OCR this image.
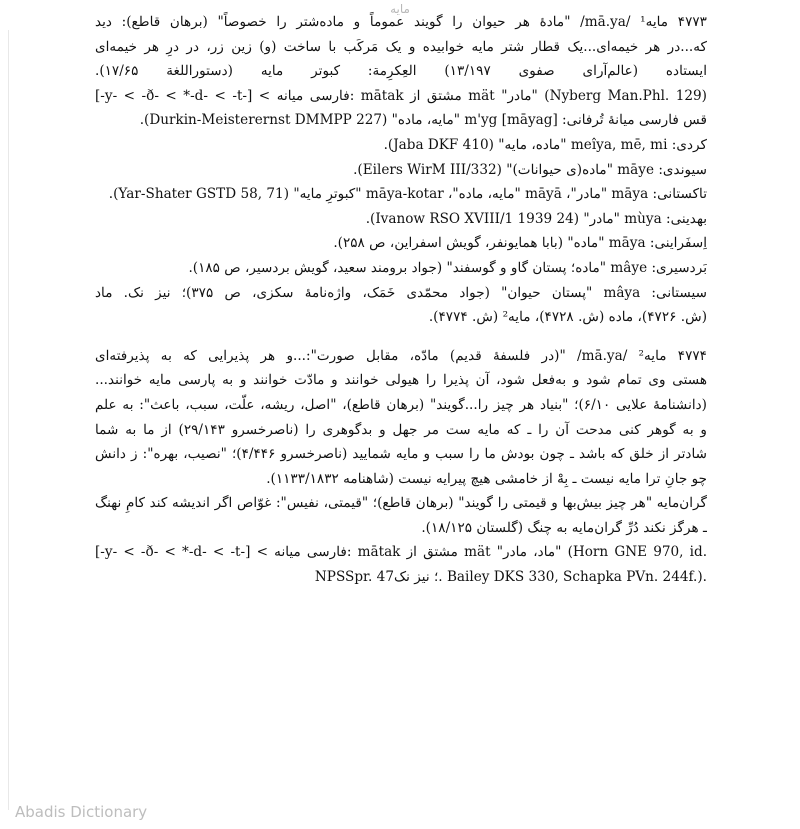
مایه
۴۷۷۳ مایه¹ /mā.ya/ "مادهٔ هر حیوان را گویند عموماً و ماده‌شتر را خصوصاً" (برهان قاطع): دید
که...در هر خیمه‌ای...یک قطار شتر مایه خوابیده و یک مَرکَب با ساخت (و) زین زر، در درِ هر خیمه‌ای
ایستاده (عالم‌آرای صفوی ۱۳/۱۹۷) العِکرِمة: کبوتر مایه (دستوراللغة ۱۷/۶۵).
[-y- < -ð- < *-d- < -t-] < فارسی میانه: mātak مشتق از mät "مادر" (Nyberg Man.Phl. 129)
قس فارسی میانهٔ تُرفانی: [māyag] m'yg "مایه، ماده" (Durkin-Meisterernst DMMPP 227).
کردی: meîya, mē, mi "ماده، مایه" (Jaba DKF 410).
سیوندی: māye "ماده(ی حیوانات)" (Eilers WirM III/332).
تاکستانی: māya "مادر"، māyā "مایه، ماده"، māya-kotar "کبوترِ مایه" (Yar-Shater GSTD 58, 71).
بهدینی: mùya "مادر" (Ivanow RSO XVIII/1 1939 24).
اِسفَراینی: māya "ماده" (بابا همایونفر، گویش اسفراین، ص ۲۵۸).
بَردسیری: mâye "ماده؛ پستان گاو و گوسفند" (جواد برومند سعید، گویش بردسیر، ص ۱۸۵).
سیستانی: mâya "پستان حیوان" (جواد محمّدی خَمَک، واژه‌نامهٔ سکزی، ص ۳۷۵)؛ نیز نک. ماد
(ش. ۴۷۲۶)، ماده (ش. ۴۷۲۸)، مایه² (ش. ۴۷۷۴).
۴۷۷۴ مایه² /mā.ya/ "(در فلسفهٔ قدیم) مادّه، مقابل صورت":...و هر پذیرایی که به پذیرفته‌ای
هستی وی تمام شود و به‌فعل شود، آن پذیرا را هیولی خوانند و مادّت خوانند و به پارسی مایه خوانند...
(دانشنامهٔ علایی ۶/۱۰)؛ "بنیاد هر چیز را...گویند" (برهان قاطع)، "اصل، ریشه، علّت، سبب، باعث": به علم
و به گوهر کنی مدحت آن را ـ که مایه ست مر جهل و بدگوهری را (ناصرخسرو ۲۹/۱۴۳) از ما به شما
شادتر از خلق که باشد ـ چون بودش ما را سبب و مایه شمایید (ناصرخسرو ۴/۴۴۶)؛ "نصیب، بهره": ز دانش
چو جانِ ترا مایه نیست ـ بِهْ از خامشی هیچ پیرایه نیست (شاهنامه ۱۱۳۳/۱۸۳۲).
گران‌مایه "هر چیز بیش‌بها و قیمتی را گویند" (برهان قاطع)؛ "قیمتی، نفیس": غوّاص اگر اندیشه کند کامِ نهنگ
ـ هرگز نکند دُرِّ گران‌مایه به چنگ (گلستان ۱۸/۱۲۵).
[-y- < -ð- < *-d- < -t-] < فارسی میانه: mātak مشتق از mät "ماد، مادر" (Horn GNE 970, id.
NPSSpr. 47؛ نیز نک. Bailey DKS 330, Schapka PVn. 244f.).
Abadis Dictionary
